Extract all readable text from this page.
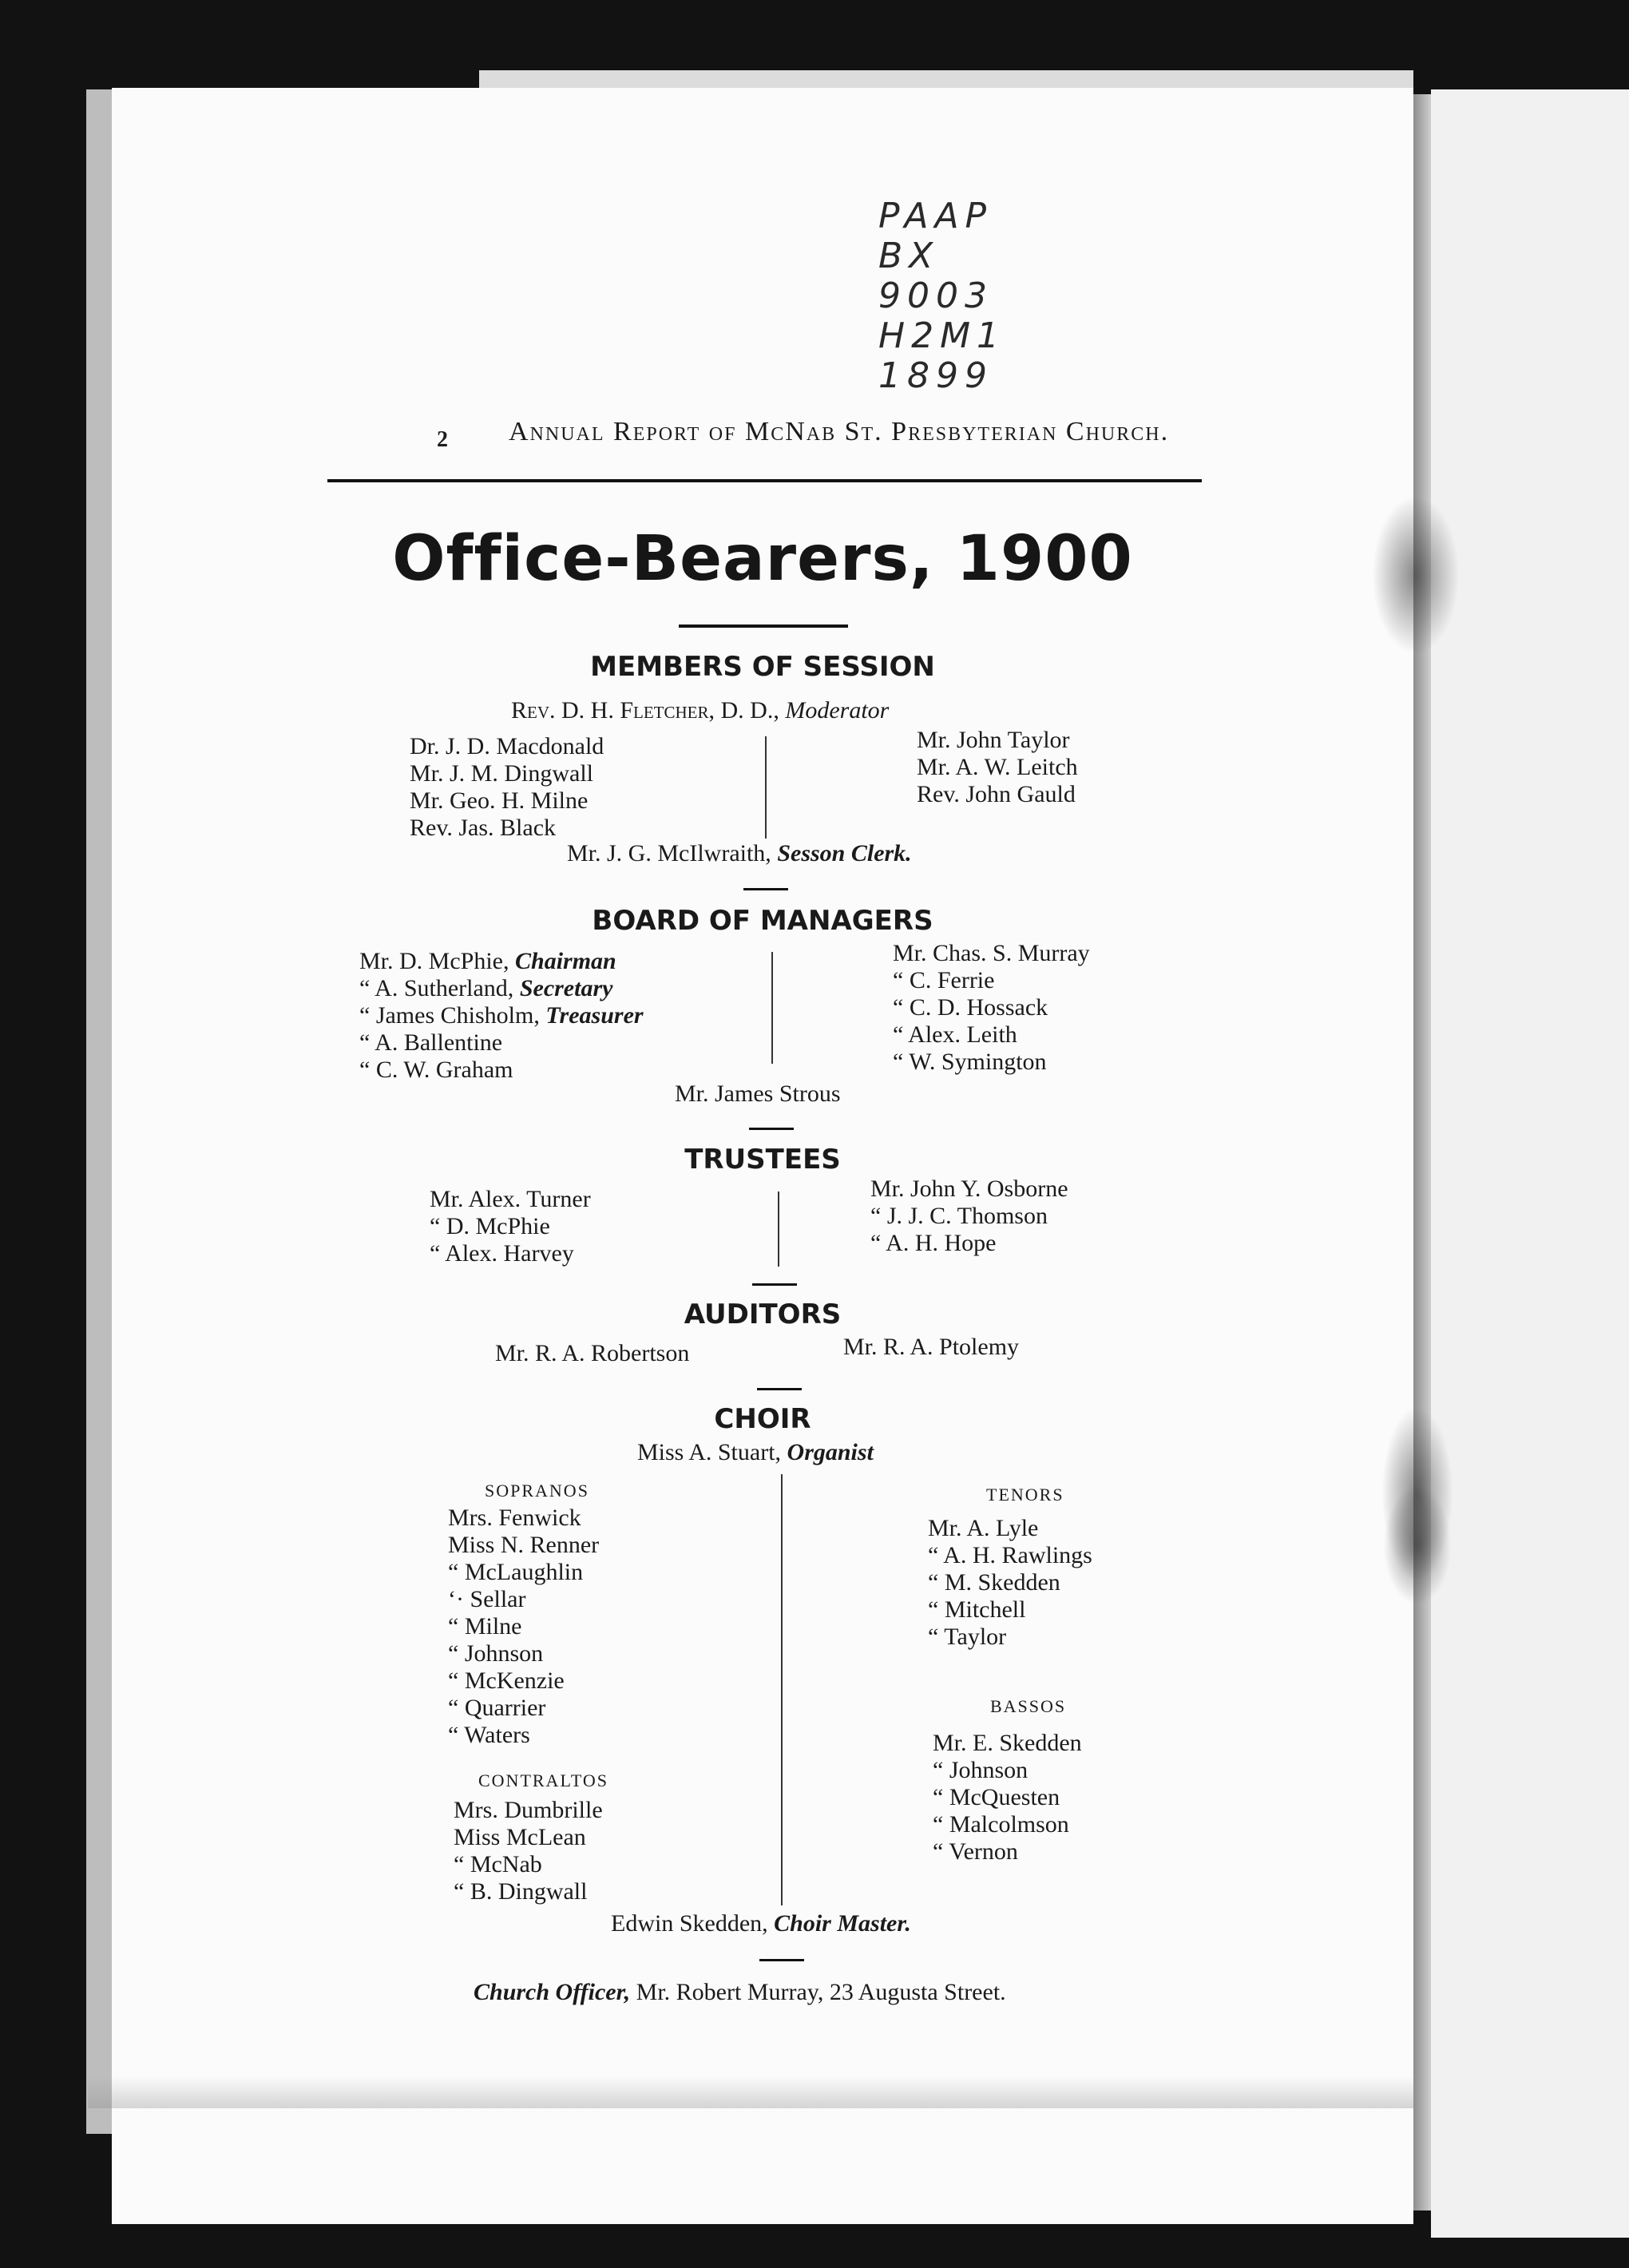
PAAP
BX
9003
H2M1
1899
2 Annual Report of McNab St. Presbyterian Church.
Office-Bearers, 1900
MEMBERS OF SESSION
Rev. D. H. Fletcher, D. D., Moderator
Dr. J. D. Macdonald
Mr. J. M. Dingwall
Mr. Geo. H. Milne
Rev. Jas. Black
Mr. John Taylor
Mr. A. W. Leitch
Rev. John Gauld
Mr. J. G. McIlwraith, Sesson Clerk.
BOARD OF MANAGERS
Mr. D. McPhie, Chairman
“ A. Sutherland, Secretary
“ James Chisholm, Treasurer
“ A. Ballentine
“ C. W. Graham
Mr. Chas. S. Murray
“ C. Ferrie
“ C. D. Hossack
“ Alex. Leith
“ W. Symington
Mr. James Strous
TRUSTEES
Mr. Alex. Turner
“ D. McPhie
“ Alex. Harvey
Mr. John Y. Osborne
“ J. J. C. Thomson
“ A. H. Hope
AUDITORS
Mr. R. A. Robertson	Mr. R. A. Ptolemy
CHOIR
Miss A. Stuart, Organist
SOPRANOS
Mrs. Fenwick
Miss N. Renner
“ McLaughlin
‘· Sellar
“ Milne
“ Johnson
“ McKenzie
“ Quarrier
“ Waters
CONTRALTOS
Mrs. Dumbrille
Miss McLean
“ McNab
“ B. Dingwall
TENORS
Mr. A. Lyle
“ A. H. Rawlings
“ M. Skedden
“ Mitchell
“ Taylor
BASSOS
Mr. E. Skedden
“ Johnson
“ McQuesten
“ Malcolmson
“ Vernon
Edwin Skedden, Choir Master.
Church Officer, Mr. Robert Murray, 23 Augusta Street.
